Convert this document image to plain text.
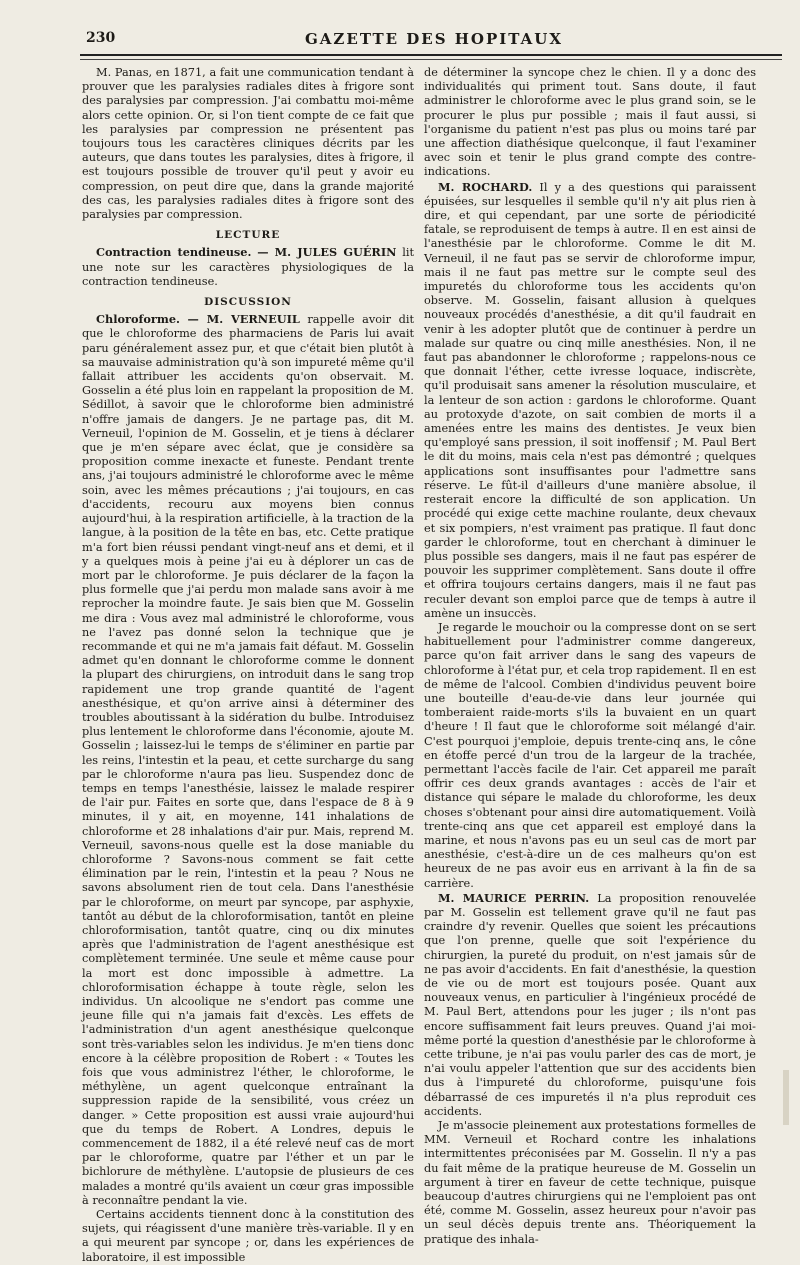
230	GAZETTE DES HOPITAUX

M. Panas, en 1871, a fait une communication tendant à prouver que les paralysies radiales dites à frigore sont des paralysies par compression. J'ai combattu moi-même alors cette opinion. Or, si l'on tient compte de ce fait que les paralysies par compression ne présentent pas toujours tous les caractères cliniques décrits par les auteurs, que dans toutes les paralysies, dites à frigore, il est toujours possible de trouver qu'il peut y avoir eu compression, on peut dire que, dans la grande majorité des cas, les paralysies radiales dites à frigore sont des paralysies par compression.

LECTURE

Contraction tendineuse. — M. JULES GUÉRIN lit une note sur les caractères physiologiques de la contraction tendineuse.

DISCUSSION

Chloroforme. — M. VERNEUIL rappelle avoir dit que le chloroforme des pharmaciens de Paris lui avait paru généralement assez pur, et que c'était bien plutôt à sa mauvaise administration qu'à son impureté même qu'il fallait attribuer les accidents qu'on observait. M. Gosselin a été plus loin en rappelant la proposition de M. Sédillot, à savoir que le chloroforme bien administré n'offre jamais de dangers. Je ne partage pas, dit M. Verneuil, l'opinion de M. Gosselin, et je tiens à déclarer que je m'en sépare avec éclat, que je considère sa proposition comme inexacte et funeste. Pendant trente ans, j'ai toujours administré le chloroforme avec le même soin, avec les mêmes précautions ; j'ai toujours, en cas d'accidents, recouru aux moyens bien connus aujourd'hui, à la respiration artificielle, à la traction de la langue, à la position de la tête en bas, etc. Cette pratique m'a fort bien réussi pendant vingt-neuf ans et demi, et il y a quelques mois à peine j'ai eu à déplorer un cas de mort par le chloroforme. Je puis déclarer de la façon la plus formelle que j'ai perdu mon malade sans avoir à me reprocher la moindre faute. Je sais bien que M. Gosselin me dira : Vous avez mal administré le chloroforme, vous ne l'avez pas donné selon la technique que je recommande et qui ne m'a jamais fait défaut. M. Gosselin admet qu'en donnant le chloroforme comme le donnent la plupart des chirurgiens, on introduit dans le sang trop rapidement une trop grande quantité de l'agent anesthésique, et qu'on arrive ainsi à déterminer des troubles aboutissant à la sidération du bulbe. Introduisez plus lentement le chloroforme dans l'économie, ajoute M. Gosselin ; laissez-lui le temps de s'éliminer en partie par les reins, l'intestin et la peau, et cette surcharge du sang par le chloroforme n'aura pas lieu. Suspendez donc de temps en temps l'anesthésie, laissez le malade respirer de l'air pur. Faites en sorte que, dans l'espace de 8 à 9 minutes, il y ait, en moyenne, 141 inhalations de chloroforme et 28 inhalations d'air pur. Mais, reprend M. Verneuil, savons-nous quelle est la dose maniable du chloroforme ? Savons-nous comment se fait cette élimination par le rein, l'intestin et la peau ? Nous ne savons absolument rien de tout cela. Dans l'anesthésie par le chloroforme, on meurt par syncope, par asphyxie, tantôt au début de la chloroformisation, tantôt en pleine chloroformisation, tantôt quatre, cinq ou dix minutes après que l'administration de l'agent anesthésique est complètement terminée. Une seule et même cause pour la mort est donc impossible à admettre. La chloroformisation échappe à toute règle, selon les individus. Un alcoolique ne s'endort pas comme une jeune fille qui n'a jamais fait d'excès. Les effets de l'administration d'un agent anesthésique quelconque sont très-variables selon les individus. Je m'en tiens donc encore à la célèbre proposition de Robert : « Toutes les fois que vous administrez l'éther, le chloroforme, le méthylène, un agent quelconque entraînant la suppression rapide de la sensibilité, vous créez un danger. » Cette proposition est aussi vraie aujourd'hui que du temps de Robert. A Londres, depuis le commencement de 1882, il a été relevé neuf cas de mort par le chloroforme, quatre par l'éther et un par le bichlorure de méthylène. L'autopsie de plusieurs de ces malades a montré qu'ils avaient un cœur gras impossible à reconnaître pendant la vie.

Certains accidents tiennent donc à la constitution des sujets, qui réagissent d'une manière très-variable. Il y en a qui meurent par syncope ; or, dans les expériences de laboratoire, il est impossible

de déterminer la syncope chez le chien. Il y a donc des individualités qui priment tout. Sans doute, il faut administrer le chloroforme avec le plus grand soin, se le procurer le plus pur possible ; mais il faut aussi, si l'organisme du patient n'est pas plus ou moins taré par une affection diathésique quelconque, il faut l'examiner avec soin et tenir le plus grand compte des contre-indications.

M. ROCHARD. Il y a des questions qui paraissent épuisées, sur lesquelles il semble qu'il n'y ait plus rien à dire, et qui cependant, par une sorte de périodicité fatale, se reproduisent de temps à autre. Il en est ainsi de l'anesthésie par le chloroforme. Comme le dit M. Verneuil, il ne faut pas se servir de chloroforme impur, mais il ne faut pas mettre sur le compte seul des impuretés du chloroforme tous les accidents qu'on observe. M. Gosselin, faisant allusion à quelques nouveaux procédés d'anesthésie, a dit qu'il faudrait en venir à les adopter plutôt que de continuer à perdre un malade sur quatre ou cinq mille anesthésies. Non, il ne faut pas abandonner le chloroforme ; rappelons-nous ce que donnait l'éther, cette ivresse loquace, indiscrète, qu'il produisait sans amener la résolution musculaire, et la lenteur de son action : gardons le chloroforme. Quant au protoxyde d'azote, on sait combien de morts il a amenées entre les mains des dentistes. Je veux bien qu'employé sans pression, il soit inoffensif ; M. Paul Bert le dit du moins, mais cela n'est pas démontré ; quelques applications sont insuffisantes pour l'admettre sans réserve. Le fût-il d'ailleurs d'une manière absolue, il resterait encore la difficulté de son application. Un procédé qui exige cette machine roulante, deux chevaux et six pompiers, n'est vraiment pas pratique. Il faut donc garder le chloroforme, tout en cherchant à diminuer le plus possible ses dangers, mais il ne faut pas espérer de pouvoir les supprimer complètement. Sans doute il offre et offrira toujours certains dangers, mais il ne faut pas reculer devant son emploi parce que de temps à autre il amène un insuccès.

Je regarde le mouchoir ou la compresse dont on se sert habituellement pour l'administrer comme dangereux, parce qu'on fait arriver dans le sang des vapeurs de chloroforme à l'état pur, et cela trop rapidement. Il en est de même de l'alcool. Combien d'individus peuvent boire une bouteille d'eau-de-vie dans leur journée qui tomberaient raide-morts s'ils la buvaient en un quart d'heure ! Il faut que le chloroforme soit mélangé d'air. C'est pourquoi j'emploie, depuis trente-cinq ans, le cône en étoffe percé d'un trou de la largeur de la trachée, permettant l'accès facile de l'air. Cet appareil me paraît offrir ces deux grands avantages : accès de l'air et distance qui sépare le malade du chloroforme, les deux choses s'obtenant pour ainsi dire automatiquement. Voilà trente-cinq ans que cet appareil est employé dans la marine, et nous n'avons pas eu un seul cas de mort par anesthésie, c'est-à-dire un de ces malheurs qu'on est heureux de ne pas avoir eus en arrivant à la fin de sa carrière.

M. MAURICE PERRIN. La proposition renouvelée par M. Gosselin est tellement grave qu'il ne faut pas craindre d'y revenir. Quelles que soient les précautions que l'on prenne, quelle que soit l'expérience du chirurgien, la pureté du produit, on n'est jamais sûr de ne pas avoir d'accidents. En fait d'anesthésie, la question de vie ou de mort est toujours posée. Quant aux nouveaux venus, en particulier à l'ingénieux procédé de M. Paul Bert, attendons pour les juger ; ils n'ont pas encore suffisamment fait leurs preuves. Quand j'ai moi-même porté la question d'anesthésie par le chloroforme à cette tribune, je n'ai pas voulu parler des cas de mort, je n'ai voulu appeler l'attention que sur des accidents bien dus à l'impureté du chloroforme, puisqu'une fois débarrassé de ces impuretés il n'a plus reproduit ces accidents.

Je m'associe pleinement aux protestations formelles de MM. Verneuil et Rochard contre les inhalations intermittentes préconisées par M. Gosselin. Il n'y a pas du fait même de la pratique heureuse de M. Gosselin un argument à tirer en faveur de cette technique, puisque beaucoup d'autres chirurgiens qui ne l'emploient pas ont été, comme M. Gosselin, assez heureux pour n'avoir pas un seul décès depuis trente ans. Théoriquement la pratique des inhala-
